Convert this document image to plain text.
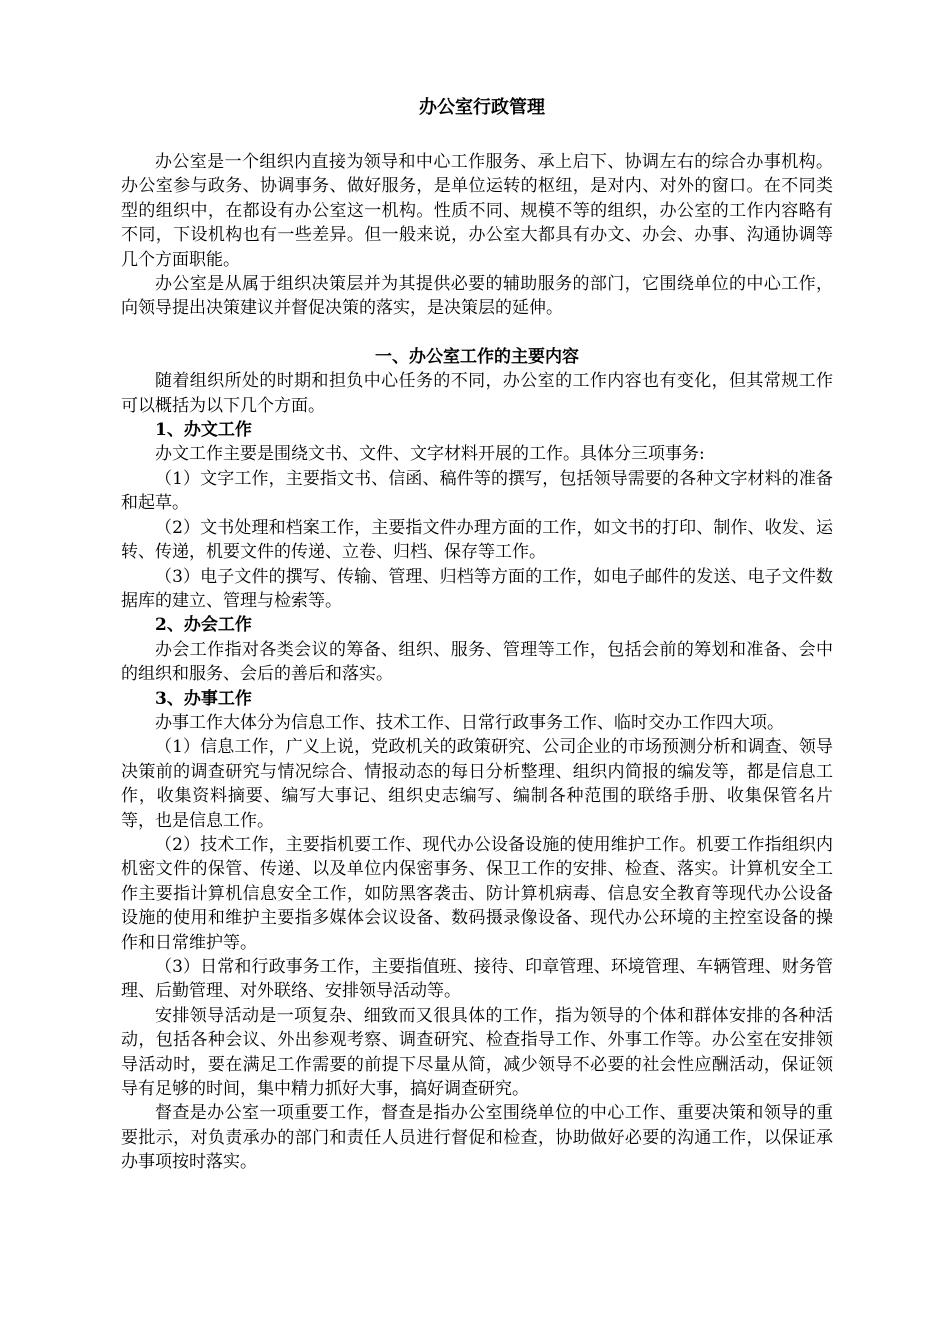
办公室行政管理

办公室是一个组织内直接为领导和中心工作服务、承上启下、协调左右的综合办事机构。办公室参与政务、协调事务、做好服务，是单位运转的枢纽，是对内、对外的窗口。在不同类型的组织中，在都设有办公室这一机构。性质不同、规模不等的组织，办公室的工作内容略有不同，下设机构也有一些差异。但一般来说，办公室大都具有办文、办会、办事、沟通协调等几个方面职能。

办公室是从属于组织决策层并为其提供必要的辅助服务的部门，它围绕单位的中心工作，向领导提出决策建议并督促决策的落实，是决策层的延伸。

一、办公室工作的主要内容

随着组织所处的时期和担负中心任务的不同，办公室的工作内容也有变化，但其常规工作可以概括为以下几个方面。

1、办文工作

办文工作主要是围绕文书、文件、文字材料开展的工作。具体分三项事务:

（1）文字工作，主要指文书、信函、稿件等的撰写，包括领导需要的各种文字材料的准备和起草。

（2）文书处理和档案工作，主要指文件办理方面的工作，如文书的打印、制作、收发、运转、传递，机要文件的传递、立卷、归档、保存等工作。

（3）电子文件的撰写、传输、管理、归档等方面的工作，如电子邮件的发送、电子文件数据库的建立、管理与检索等。

2、办会工作

办会工作指对各类会议的筹备、组织、服务、管理等工作，包括会前的筹划和准备、会中的组织和服务、会后的善后和落实。

3、办事工作

办事工作大体分为信息工作、技术工作、日常行政事务工作、临时交办工作四大项。

（1）信息工作，广义上说，党政机关的政策研究、公司企业的市场预测分析和调查、领导决策前的调查研究与情况综合、情报动态的每日分析整理、组织内简报的编发等，都是信息工作，收集资料摘要、编写大事记、组织史志编写、编制各种范围的联络手册、收集保管名片等，也是信息工作。

（2）技术工作，主要指机要工作、现代办公设备设施的使用维护工作。机要工作指组织内机密文件的保管、传递、以及单位内保密事务、保卫工作的安排、检查、落实。计算机安全工作主要指计算机信息安全工作，如防黑客袭击、防计算机病毒、信息安全教育等现代办公设备设施的使用和维护主要指多媒体会议设备、数码摄录像设备、现代办公环境的主控室设备的操作和日常维护等。

（3）日常和行政事务工作，主要指值班、接待、印章管理、环境管理、车辆管理、财务管理、后勤管理、对外联络、安排领导活动等。

安排领导活动是一项复杂、细致而又很具体的工作，指为领导的个体和群体安排的各种活动，包括各种会议、外出参观考察、调查研究、检查指导工作、外事工作等。办公室在安排领导活动时，要在满足工作需要的前提下尽量从简，减少领导不必要的社会性应酬活动，保证领导有足够的时间，集中精力抓好大事，搞好调查研究。

督查是办公室一项重要工作，督查是指办公室围绕单位的中心工作、重要决策和领导的重要批示，对负责承办的部门和责任人员进行督促和检查，协助做好必要的沟通工作，以保证承办事项按时落实。
